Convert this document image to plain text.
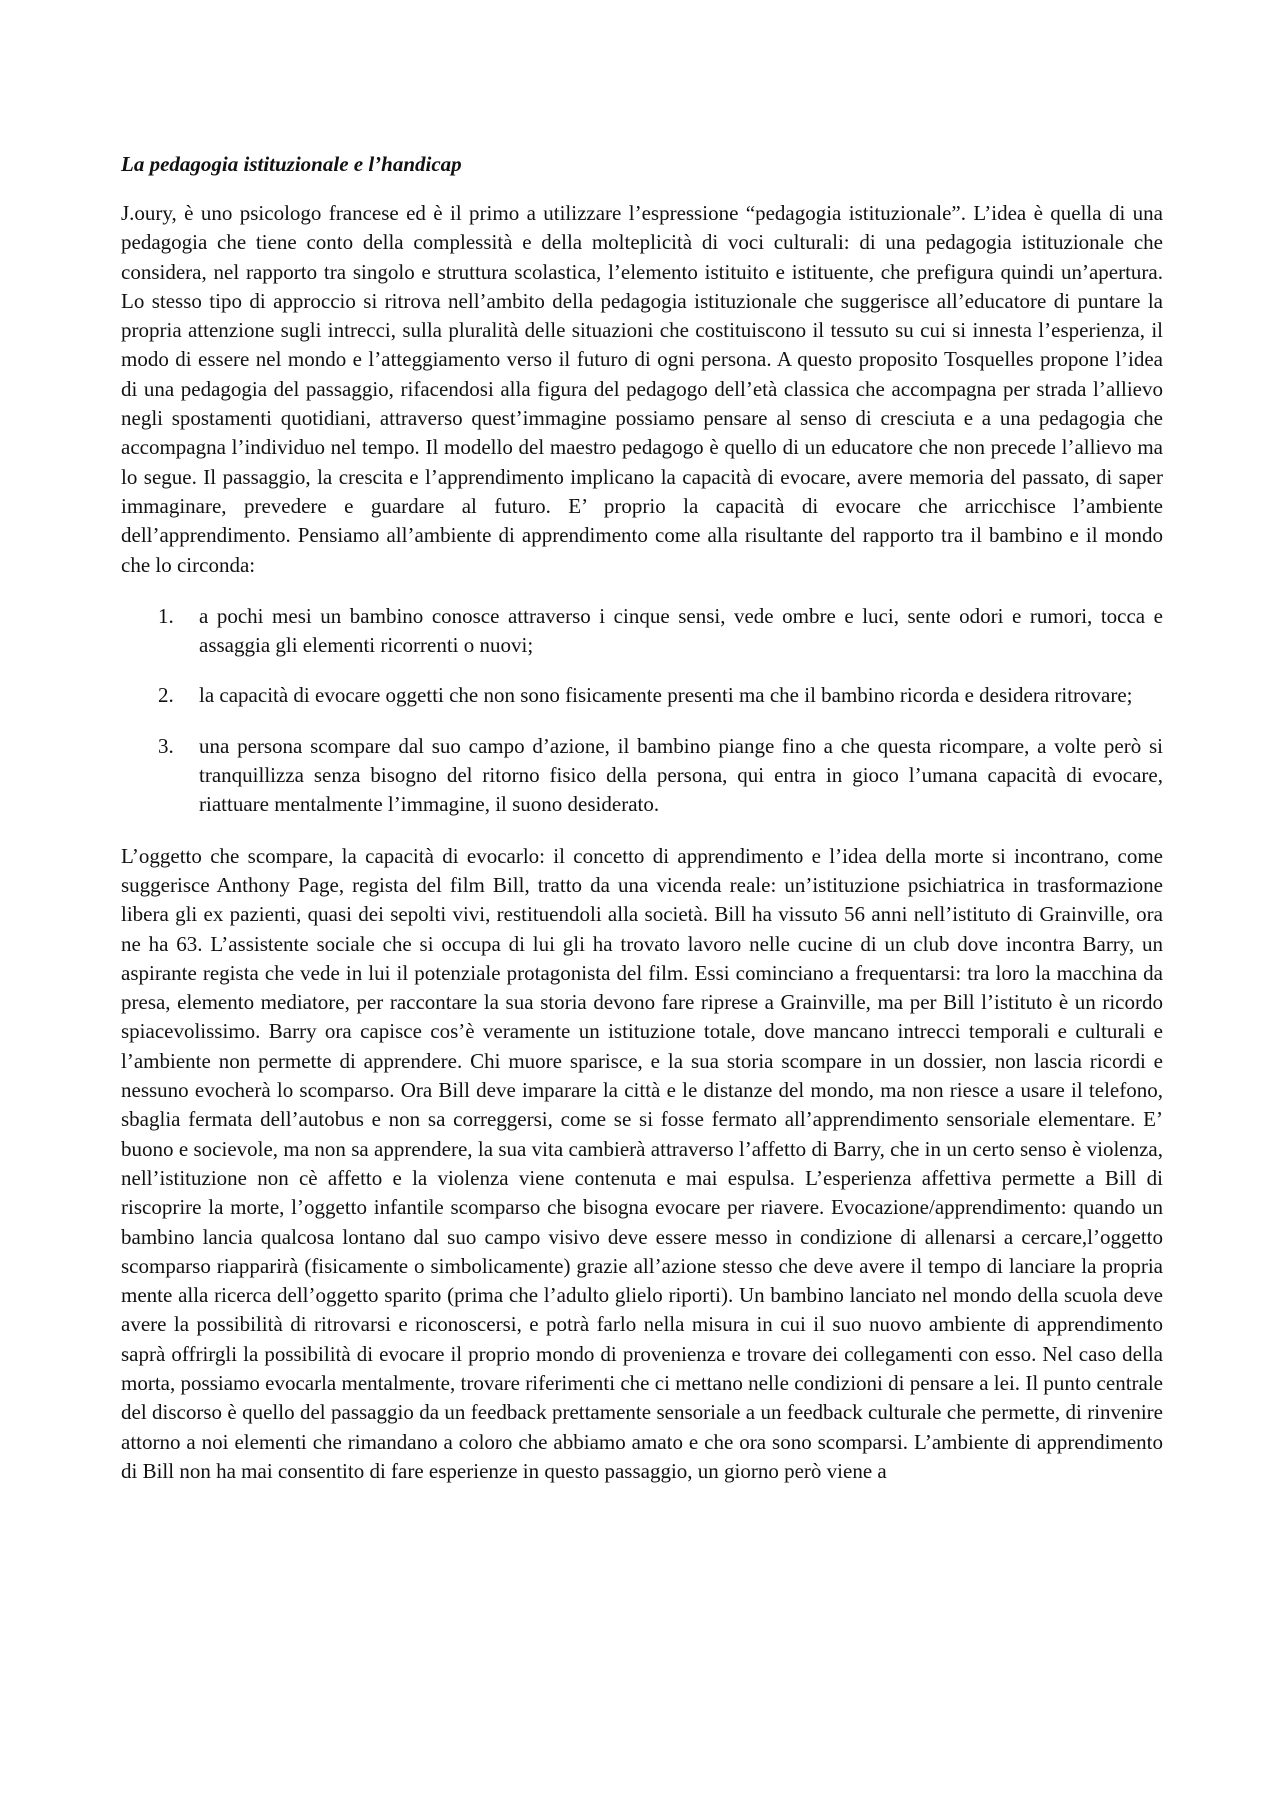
La pedagogia istituzionale e l’handicap

J.oury, è uno psicologo francese ed è il primo a utilizzare l’espressione “pedagogia istituzionale”. L’idea è quella di una pedagogia che tiene conto della complessità e della molteplicità di voci culturali: di una pedagogia istituzionale che considera, nel rapporto tra singolo e struttura scolastica, l’elemento istituito e istituente, che prefigura quindi un’apertura. Lo stesso tipo di approccio si ritrova nell’ambito della pedagogia istituzionale che suggerisce all’educatore di puntare la propria attenzione sugli intrecci, sulla pluralità delle situazioni che costituiscono il tessuto su cui si innesta l’esperienza, il modo di essere nel mondo e l’atteggiamento verso il futuro di ogni persona. A questo proposito Tosquelles propone l’idea di una pedagogia del passaggio, rifacendosi alla figura del pedagogo dell’età classica che accompagna per strada l’allievo negli spostamenti quotidiani, attraverso quest’immagine possiamo pensare al senso di cresciuta e a una pedagogia che accompagna l’individuo nel tempo. Il modello del maestro pedagogo è quello di un educatore che non precede l’allievo ma lo segue. Il passaggio, la crescita e l’apprendimento implicano la capacità di evocare, avere memoria del passato, di saper immaginare, prevedere e guardare al futuro. E’ proprio la capacità di evocare che arricchisce l’ambiente dell’apprendimento. Pensiamo all’ambiente di apprendimento come alla risultante del rapporto tra il bambino e il mondo che lo circonda:

1. a pochi mesi un bambino conosce attraverso i cinque sensi, vede ombre e luci, sente odori e rumori, tocca e assaggia gli elementi ricorrenti o nuovi;
2. la capacità di evocare oggetti che non sono fisicamente presenti ma che il bambino ricorda e desidera ritrovare;
3. una persona scompare dal suo campo d’azione, il bambino piange fino a che questa ricompare, a volte però si tranquillizza senza bisogno del ritorno fisico della persona, qui entra in gioco l’umana capacità di evocare, riattuare mentalmente l’immagine, il suono desiderato.

L’oggetto che scompare, la capacità di evocarlo: il concetto di apprendimento e l’idea della morte si incontrano, come suggerisce Anthony Page, regista del film Bill, tratto da una vicenda reale: un’istituzione psichiatrica in trasformazione libera gli ex pazienti, quasi dei sepolti vivi, restituendoli alla società. Bill ha vissuto 56 anni nell’istituto di Grainville, ora ne ha 63. L’assistente sociale che si occupa di lui gli ha trovato lavoro nelle cucine di un club dove incontra Barry, un aspirante regista che vede in lui il potenziale protagonista del film. Essi cominciano a frequentarsi: tra loro la macchina da presa, elemento mediatore, per raccontare la sua storia devono fare riprese a Grainville, ma per Bill l’istituto è un ricordo spiacevolissimo. Barry ora capisce cos’è veramente un istituzione totale, dove mancano intrecci temporali e culturali e l’ambiente non permette di apprendere. Chi muore sparisce, e la sua storia scompare in un dossier, non lascia ricordi e nessuno evocherà lo scomparso. Ora Bill deve imparare la città e le distanze del mondo, ma non riesce a usare il telefono, sbaglia fermata dell’autobus e non sa correggersi, come se si fosse fermato all’apprendimento sensoriale elementare. E’ buono e socievole, ma non sa apprendere, la sua vita cambierà attraverso l’affetto di Barry, che in un certo senso è violenza, nell’istituzione non cè affetto e la violenza viene contenuta e mai espulsa. L’esperienza affettiva permette a Bill di riscoprire la morte, l’oggetto infantile scomparso che bisogna evocare per riavere. Evocazione/apprendimento: quando un bambino lancia qualcosa lontano dal suo campo visivo deve essere messo in condizione di allenarsi a cercare,l’oggetto scomparso riapparirà (fisicamente o simbolicamente) grazie all’azione stesso che deve avere il tempo di lanciare la propria mente alla ricerca dell’oggetto sparito (prima che l’adulto glielo riporti). Un bambino lanciato nel mondo della scuola deve avere la possibilità di ritrovarsi e riconoscersi, e potrà farlo nella misura in cui il suo nuovo ambiente di apprendimento saprà offrirgli la possibilità di evocare il proprio mondo di provenienza e trovare dei collegamenti con esso. Nel caso della morta, possiamo evocarla mentalmente, trovare riferimenti che ci mettano nelle condizioni di pensare a lei. Il punto centrale del discorso è quello del passaggio da un feedback prettamente sensoriale a un feedback culturale che permette, di rinvenire attorno a noi elementi che rimandano a coloro che abbiamo amato e che ora sono scomparsi. L’ambiente di apprendimento di Bill non ha mai consentito di fare esperienze in questo passaggio, un giorno però viene a
